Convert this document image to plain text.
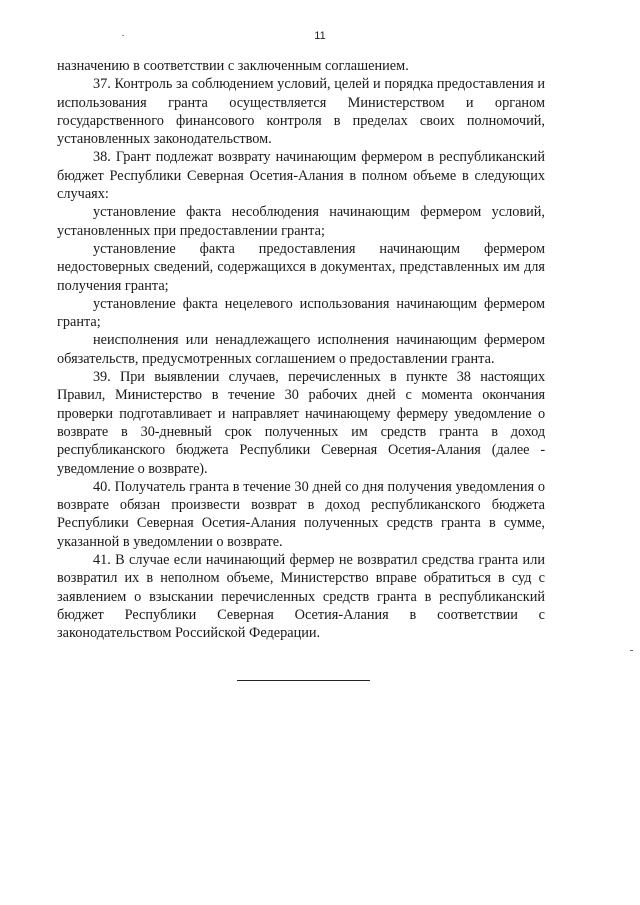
11

назначению в соответствии с заключенным соглашением.

37. Контроль за соблюдением условий, целей и порядка предоставления и использования гранта осуществляется Министерством и органом государственного финансового контроля в пределах своих полномочий, установленных законодательством.

38. Грант подлежат возврату начинающим фермером в республиканский бюджет Республики Северная Осетия-Алания в полном объеме в следующих случаях:

установление факта несоблюдения начинающим фермером условий, установленных при предоставлении гранта;

установление факта предоставления начинающим фермером недостоверных сведений, содержащихся в документах, представленных им для получения гранта;

установление факта нецелевого использования начинающим фермером гранта;

неисполнения или ненадлежащего исполнения начинающим фермером обязательств, предусмотренных соглашением о предоставлении гранта.

39. При выявлении случаев, перечисленных в пункте 38 настоящих Правил, Министерство в течение 30 рабочих дней с момента окончания проверки подготавливает и направляет начинающему фермеру уведомление о возврате в 30-дневный срок полученных им средств гранта в доход республиканского бюджета Республики Северная Осетия-Алания (далее - уведомление о возврате).

40. Получатель гранта в течение 30 дней со дня получения уведомления о возврате обязан произвести возврат в доход республиканского бюджета Республики Северная Осетия-Алания полученных средств гранта в сумме, указанной в уведомлении о возврате.

41. В случае если начинающий фермер не возвратил средства гранта или возвратил их в неполном объеме, Министерство вправе обратиться в суд с заявлением о взыскании перечисленных средств гранта в республиканский бюджет Республики Северная Осетия-Алания в соответствии с законодательством Российской Федерации.
